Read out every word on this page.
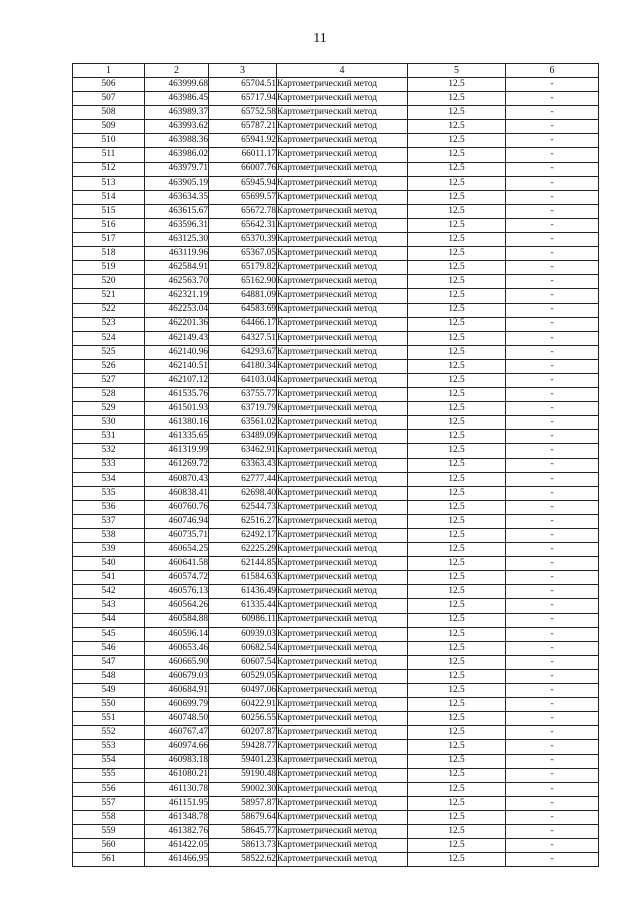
11
1	2	3	4	5	6
506	463999.68	65704.51	Картометрический метод	12.5	-
507	463986.45	65717.94	Картометрический метод	12.5	-
508	463989.37	65752.58	Картометрический метод	12.5	-
509	463993.62	65787.21	Картометрический метод	12.5	-
510	463988.36	65941.92	Картометрический метод	12.5	-
511	463986.02	66011.17	Картометрический метод	12.5	-
512	463979.71	66007.76	Картометрический метод	12.5	-
513	463905.19	65945.94	Картометрический метод	12.5	-
514	463634.35	65699.57	Картометрический метод	12.5	-
515	463615.67	65672.78	Картометрический метод	12.5	-
516	463596.31	65642.31	Картометрический метод	12.5	-
517	463125.30	65370.39	Картометрический метод	12.5	-
518	463119.96	65367.05	Картометрический метод	12.5	-
519	462584.91	65179.82	Картометрический метод	12.5	-
520	462563.70	65162.90	Картометрический метод	12.5	-
521	462321.19	64881.09	Картометрический метод	12.5	-
522	462253.04	64583.69	Картометрический метод	12.5	-
523	462201.36	64466.17	Картометрический метод	12.5	-
524	462149.43	64327.51	Картометрический метод	12.5	-
525	462140.96	64293.67	Картометрический метод	12.5	-
526	462140.51	64180.34	Картометрический метод	12.5	-
527	462107.12	64103.04	Картометрический метод	12.5	-
528	461535.76	63755.77	Картометрический метод	12.5	-
529	461501.93	63719.79	Картометрический метод	12.5	-
530	461380.16	63561.02	Картометрический метод	12.5	-
531	461335.65	63489.09	Картометрический метод	12.5	-
532	461319.99	63462.91	Картометрический метод	12.5	-
533	461269.72	63363.43	Картометрический метод	12.5	-
534	460870.43	62777.44	Картометрический метод	12.5	-
535	460838.41	62698.40	Картометрический метод	12.5	-
536	460760.76	62544.73	Картометрический метод	12.5	-
537	460746.94	62516.27	Картометрический метод	12.5	-
538	460735.71	62492.17	Картометрический метод	12.5	-
539	460654.25	62225.29	Картометрический метод	12.5	-
540	460641.58	62144.85	Картометрический метод	12.5	-
541	460574.72	61584.63	Картометрический метод	12.5	-
542	460576.13	61436.49	Картометрический метод	12.5	-
543	460564.26	61335.44	Картометрический метод	12.5	-
544	460584.88	60986.11	Картометрический метод	12.5	-
545	460596.14	60939.03	Картометрический метод	12.5	-
546	460653.46	60682.54	Картометрический метод	12.5	-
547	460665.90	60607.54	Картометрический метод	12.5	-
548	460679.03	60529.05	Картометрический метод	12.5	-
549	460684.91	60497.06	Картометрический метод	12.5	-
550	460699.79	60422.91	Картометрический метод	12.5	-
551	460748.50	60256.55	Картометрический метод	12.5	-
552	460767.47	60207.87	Картометрический метод	12.5	-
553	460974.66	59428.77	Картометрический метод	12.5	-
554	460983.18	59401.23	Картометрический метод	12.5	-
555	461080.21	59190.48	Картометрический метод	12.5	-
556	461130.78	59002.30	Картометрический метод	12.5	-
557	461151.95	58957.87	Картометрический метод	12.5	-
558	461348.78	58679.64	Картометрический метод	12.5	-
559	461382.76	58645.77	Картометрический метод	12.5	-
560	461422.05	58613.73	Картометрический метод	12.5	-
561	461466.95	58522.62	Картометрический метод	12.5	-
